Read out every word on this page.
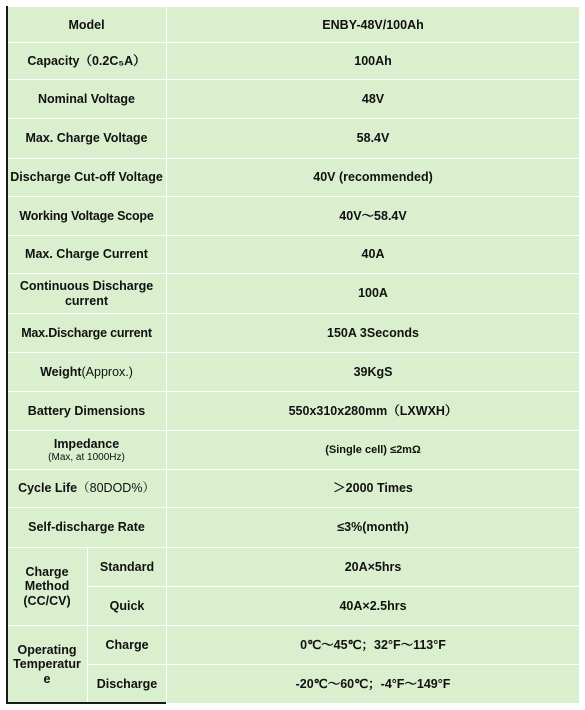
Model		ENBY-48V/100Ah
Capacity（0.2C₅A）		100Ah
Nominal Voltage		48V
Max. Charge Voltage		58.4V
Discharge Cut-off Voltage		40V (recommended)
Working Voltage Scope		40V～58.4V
Max. Charge Current		40A
Continuous Discharge current		100A
Max.Discharge current		150A 3Seconds
Weight(Approx.)		39KgS
Battery Dimensions		550x310x280mm（LXWXH）

Impedance
(Max, at 1000Hz)		(Single cell) ≤2mΩ
Cycle Life（80DOD%）		＞2000 Times
Self-discharge Rate		≤3%(month)
Charge Method (CC/CV)	Standard	20A×5hrs
	Quick	40A×2.5hrs
Operating Temperatur e	Charge	0℃～45℃；32°F～113°F
	Discharge	-20℃～60℃；-4°F～149°F
